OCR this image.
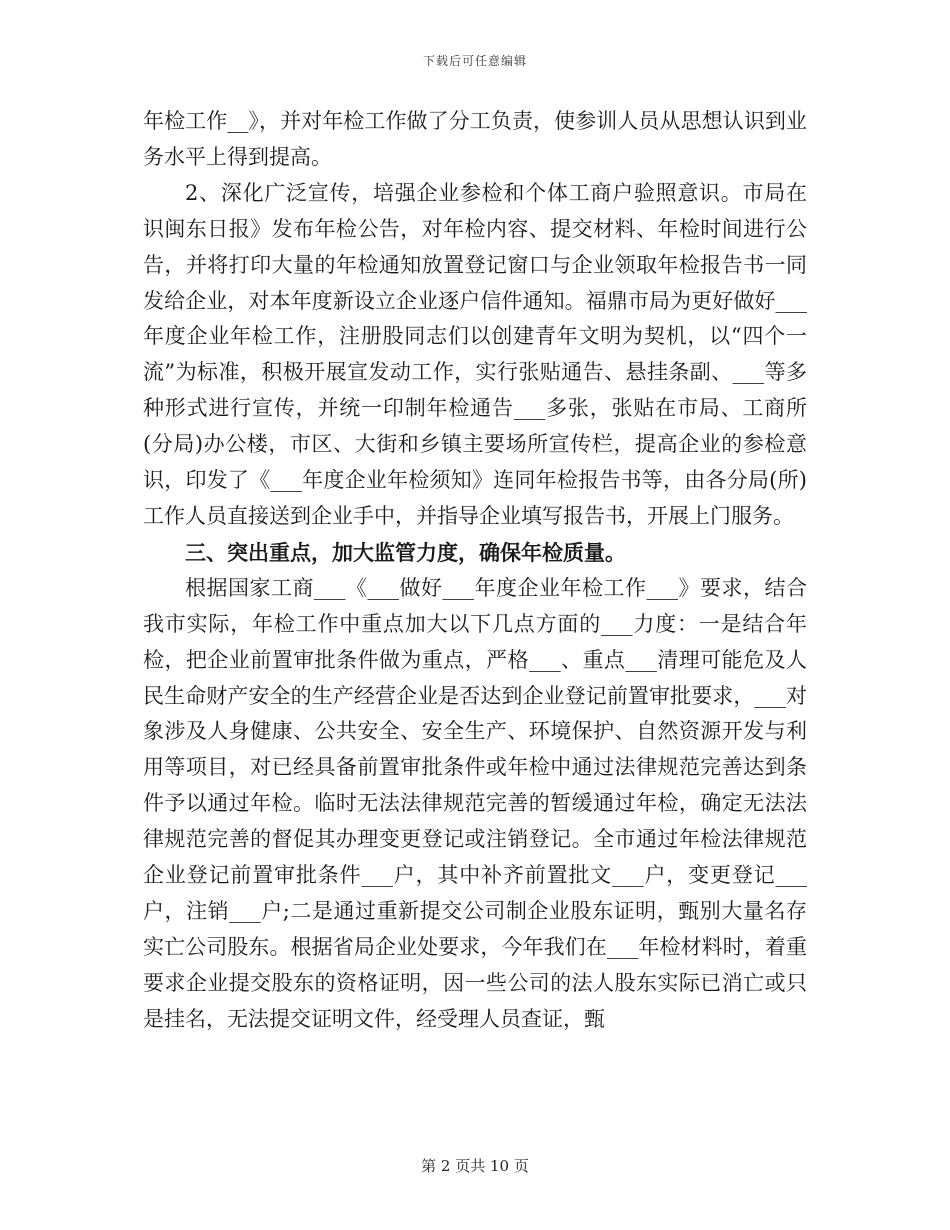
下载后可任意编辑

年检工作__》，并对年检工作做了分工负责，使参训人员从思想认识到业务水平上得到提高。

2、深化广泛宣传，培强企业参检和个体工商户验照意识。市局在识闽东日报》发布年检公告，对年检内容、提交材料、年检时间进行公告，并将打印大量的年检通知放置登记窗口与企业领取年检报告书一同发给企业，对本年度新设立企业逐户信件通知。福鼎市局为更好做好___年度企业年检工作，注册股同志们以创建青年文明为契机，以“四个一流”为标准，积极开展宣发动工作，实行张贴通告、悬挂条副、___等多种形式进行宣传，并统一印制年检通告___多张，张贴在市局、工商所(分局)办公楼，市区、大街和乡镇主要场所宣传栏，提高企业的参检意识，印发了《___年度企业年检须知》连同年检报告书等，由各分局(所)工作人员直接送到企业手中，并指导企业填写报告书，开展上门服务。

三、突出重点，加大监管力度，确保年检质量。

根据国家工商___《___做好___年度企业年检工作___》要求，结合我市实际，年检工作中重点加大以下几点方面的___力度：一是结合年检，把企业前置审批条件做为重点，严格___、重点___清理可能危及人民生命财产安全的生产经营企业是否达到企业登记前置审批要求，___对象涉及人身健康、公共安全、安全生产、环境保护、自然资源开发与利用等项目，对已经具备前置审批条件或年检中通过法律规范完善达到条件予以通过年检。临时无法法律规范完善的暂缓通过年检，确定无法法律规范完善的督促其办理变更登记或注销登记。全市通过年检法律规范企业登记前置审批条件___户，其中补齐前置批文___户，变更登记___户，注销___户;二是通过重新提交公司制企业股东证明，甄别大量名存实亡公司股东。根据省局企业处要求，今年我们在___年检材料时，着重要求企业提交股东的资格证明，因一些公司的法人股东实际已消亡或只是挂名，无法提交证明文件，经受理人员查证，甄

第 2 页共 10 页
